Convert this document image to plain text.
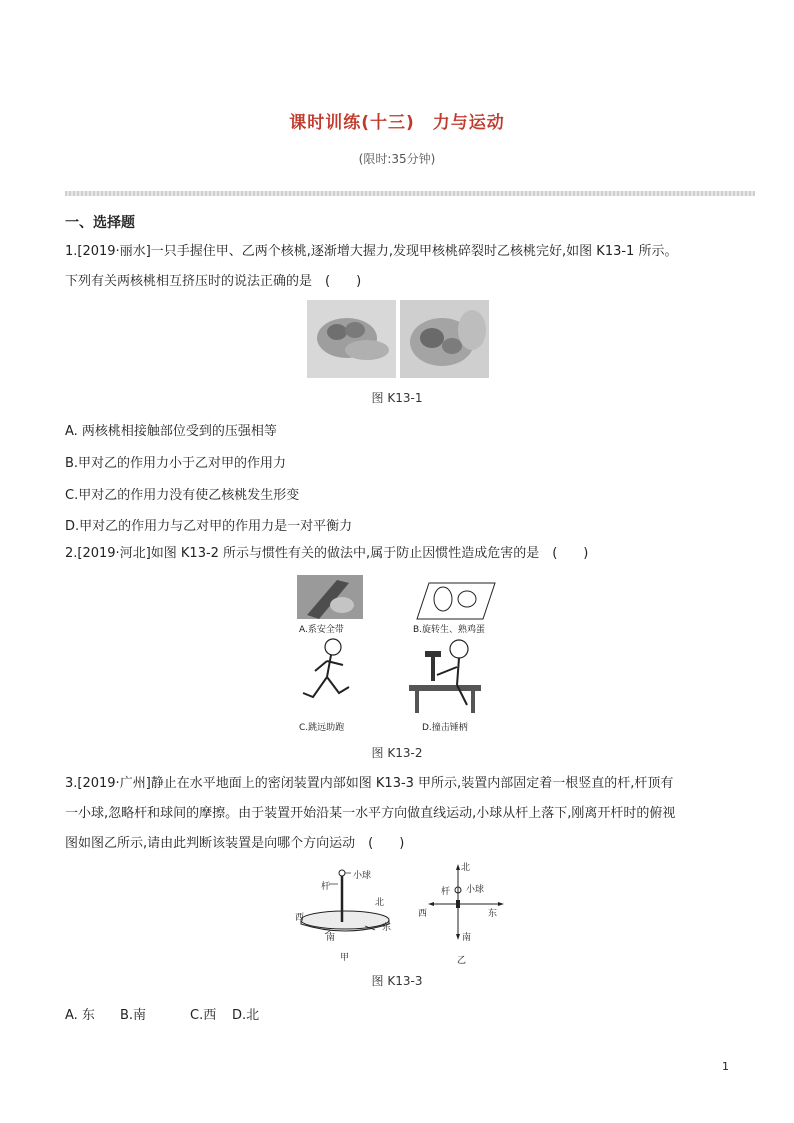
课时训练(十三)　力与运动
(限时:35分钟)
一、选择题
1.[2019·丽水]一只手握住甲、乙两个核桃,逐渐增大握力,发现甲核桃碎裂时乙核桃完好,如图 K13-1 所示。
下列有关两核桃相互挤压时的说法正确的是　(　　)
图 K13-1
A. 两核桃相接触部位受到的压强相等
B.甲对乙的作用力小于乙对甲的作用力
C.甲对乙的作用力没有使乙核桃发生形变
D.甲对乙的作用力与乙对甲的作用力是一对平衡力
2.[2019·河北]如图 K13-2 所示与惯性有关的做法中,属于防止因惯性造成危害的是　(　　)
A.系安全带	B.旋转生、熟鸡蛋
C.跳远助跑	D.撞击锤柄
图 K13-2
3.[2019·广州]静止在水平地面上的密闭装置内部如图 K13-3 甲所示,装置内部固定着一根竖直的杆,杆顶有
一小球,忽略杆和球间的摩擦。由于装置开始沿某一水平方向做直线运动,小球从杆上落下,刚离开杆时的俯视
图如图乙所示,请由此判断该装置是向哪个方向运动　(　　)
小球
杆
北
西
东
南
甲
北
小球
杆
西	东
南
乙
图 K13-3
A. 东 B.南	C.西 D.北
1
